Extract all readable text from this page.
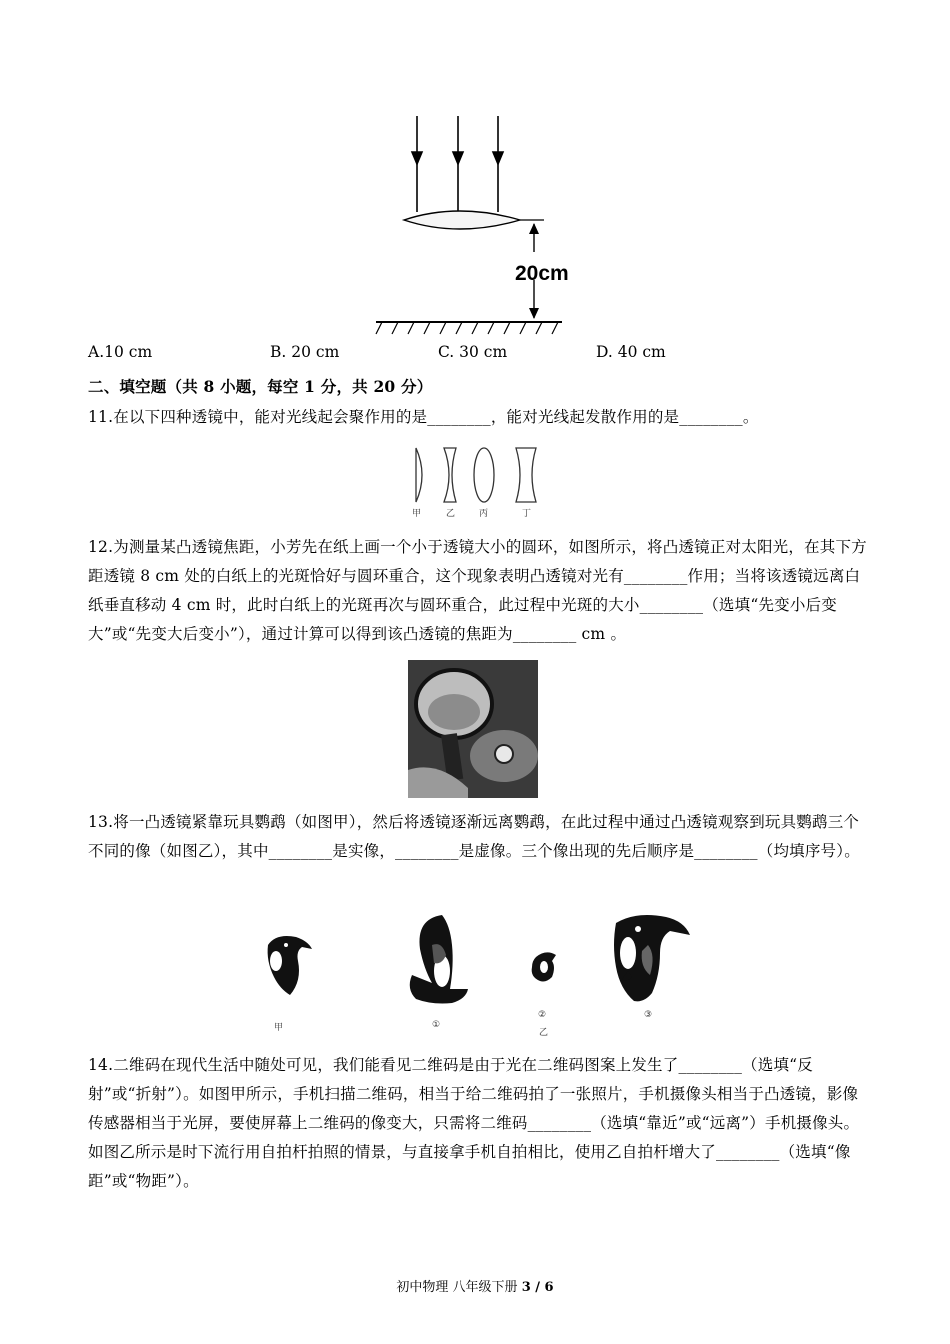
20cm
A.10 cm	B. 20 cm	C. 30 cm	D. 40 cm
二、填空题（共 8 小题，每空 1 分，共 20 分）
11.在以下四种透镜中，能对光线起会聚作用的是________，能对光线起发散作用的是________。
甲	乙	丙	丁
12.为测量某凸透镜焦距，小芳先在纸上画一个小于透镜大小的圆环，如图所示，将凸透镜正对太阳光，在其下方距透镜 8 cm 处的白纸上的光斑恰好与圆环重合，这个现象表明凸透镜对光有________作用；当将该透镜远离白纸垂直移动 4 cm 时，此时白纸上的光斑再次与圆环重合，此过程中光斑的大小________（选填“先变小后变大”或“先变大后变小”），通过计算可以得到该凸透镜的焦距为________ cm 。
13.将一凸透镜紧靠玩具鹦鹉（如图甲），然后将透镜逐渐远离鹦鹉，在此过程中通过凸透镜观察到玩具鹦鹉三个不同的像（如图乙），其中________是实像，________是虚像。三个像出现的先后顺序是________（均填序号）。
甲	①
②
乙
③
14.二维码在现代生活中随处可见，我们能看见二维码是由于光在二维码图案上发生了________（选填“反射”或“折射”）。如图甲所示，手机扫描二维码，相当于给二维码拍了一张照片，手机摄像头相当于凸透镜，影像传感器相当于光屏，要使屏幕上二维码的像变大，只需将二维码________（选填“靠近”或“远离”）手机摄像头。如图乙所示是时下流行用自拍杆拍照的情景，与直接拿手机自拍相比，使用乙自拍杆增大了________（选填“像距”或“物距”）。
初中物理 八年级下册 3 / 6
